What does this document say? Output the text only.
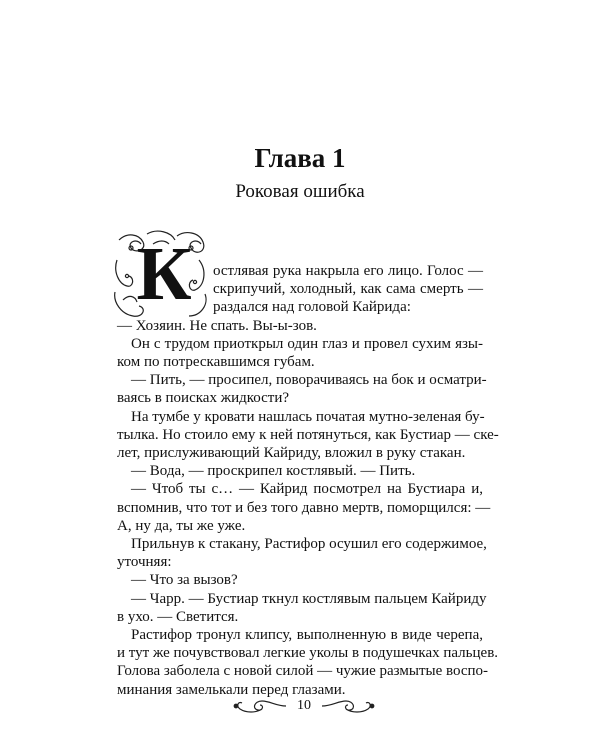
Глава 1
Роковая ошибка
К остлявая рука накрыла его лицо. Голос —
скрипучий, холодный, как сама смерть —
раздался над головой Кайрида:
— Хозяин. Не спать. Вы-ы-зов.
Он с трудом приоткрыл один глаз и провел сухим язы-
ком по потрескавшимся губам.
— Пить, — просипел, поворачиваясь на бок и осматри-
ваясь в поисках жидкости?
На тумбе у кровати нашлась початая мутно-зеленая бу-
тылка. Но стоило ему к ней потянуться, как Бустиар — ске-
лет, прислуживающий Кайриду, вложил в руку стакан.
— Вода, — проскрипел костлявый. — Пить.
— Чтоб ты с… — Кайрид посмотрел на Бустиара и,
вспомнив, что тот и без того давно мертв, поморщился: —
А, ну да, ты же уже.
Прильнув к стакану, Растифор осушил его содержимое,
уточняя:
— Что за вызов?
— Чарр. — Бустиар ткнул костлявым пальцем Кайриду
в ухо. — Светится.
Растифор тронул клипсу, выполненную в виде черепа,
и тут же почувствовал легкие уколы в подушечках пальцев.
Голова заболела с новой силой — чужие размытые воспо-
минания замелькали перед глазами.
10
